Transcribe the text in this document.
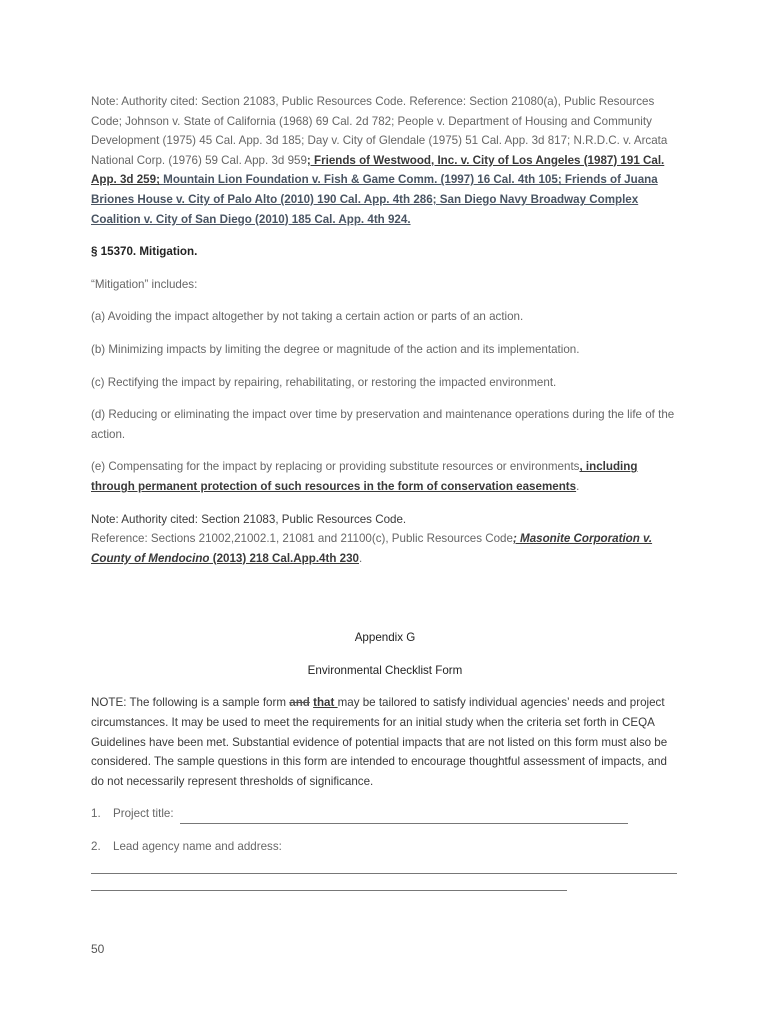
Note: Authority cited: Section 21083, Public Resources Code. Reference: Section 21080(a), Public Resources Code; Johnson v. State of California (1968) 69 Cal. 2d 782; People v. Department of Housing and Community Development (1975) 45 Cal. App. 3d 185; Day v. City of Glendale (1975) 51 Cal. App. 3d 817; N.R.D.C. v. Arcata National Corp. (1976) 59 Cal. App. 3d 959; Friends of Westwood, Inc. v. City of Los Angeles (1987) 191 Cal. App. 3d 259; Mountain Lion Foundation v. Fish & Game Comm. (1997) 16 Cal. 4th 105; Friends of Juana Briones House v. City of Palo Alto (2010) 190 Cal. App. 4th 286; San Diego Navy Broadway Complex Coalition v. City of San Diego (2010) 185 Cal. App. 4th 924.

§ 15370. Mitigation.

“Mitigation” includes:

(a) Avoiding the impact altogether by not taking a certain action or parts of an action.

(b) Minimizing impacts by limiting the degree or magnitude of the action and its implementation.

(c) Rectifying the impact by repairing, rehabilitating, or restoring the impacted environment.

(d) Reducing or eliminating the impact over time by preservation and maintenance operations during the life of the action.

(e) Compensating for the impact by replacing or providing substitute resources or environments, including through permanent protection of such resources in the form of conservation easements.

Note: Authority cited: Section 21083, Public Resources Code.

Reference: Sections 21002,21002.1, 21081 and 21100(c), Public Resources Code; Masonite Corporation v. County of Mendocino (2013) 218 Cal.App.4th 230.

Appendix G

Environmental Checklist Form

NOTE: The following is a sample form and that may be tailored to satisfy individual agencies’ needs and project circumstances. It may be used to meet the requirements for an initial study when the criteria set forth in CEQA Guidelines have been met. Substantial evidence of potential impacts that are not listed on this form must also be considered. The sample questions in this form are intended to encourage thoughtful assessment of impacts, and do not necessarily represent thresholds of significance.

1.	Project title:
2.	Lead agency name and address:
50
